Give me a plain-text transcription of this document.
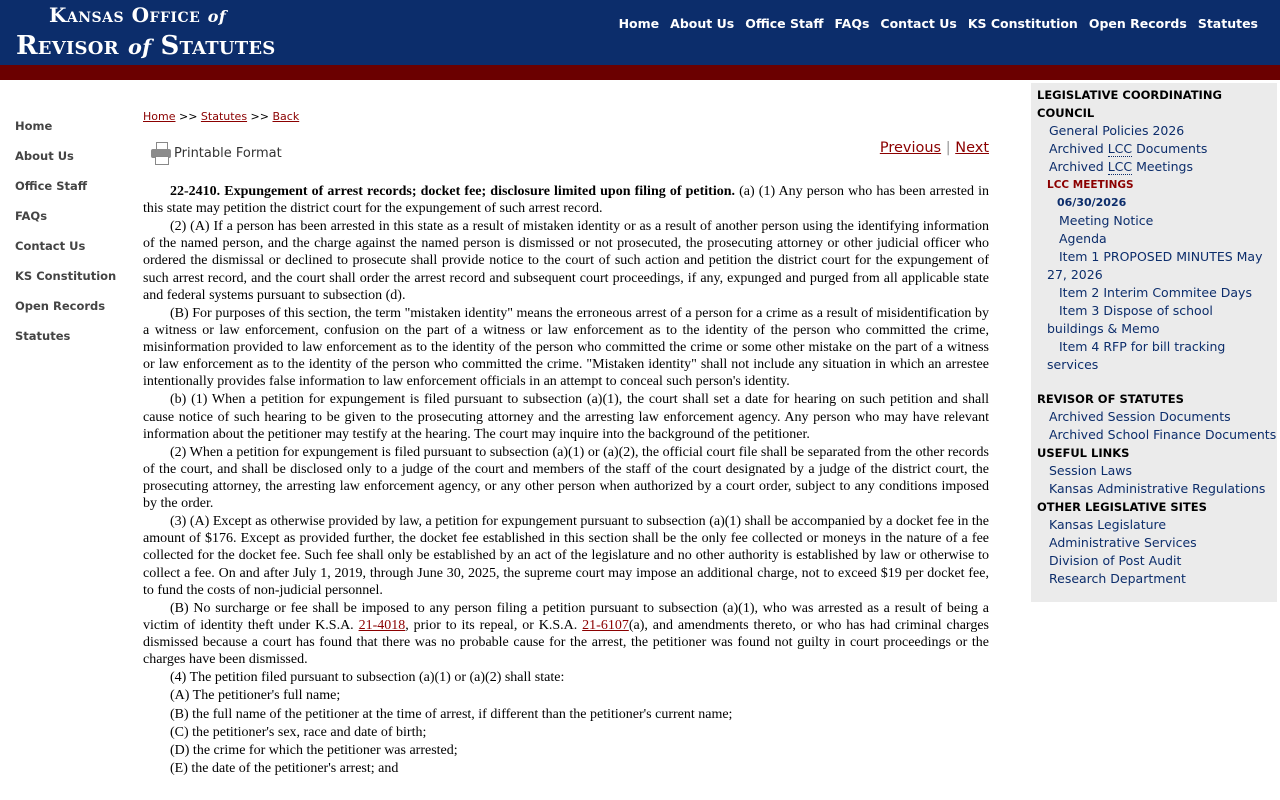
Kansas Office of
Revisor of Statutes
Home About Us Office Staff FAQs Contact Us KS Constitution Open Records Statutes
Home
About Us
Office Staff
FAQs
Contact Us
KS Constitution
Open Records
Statutes
Home >> Statutes >> Back
Printable Format	Previous | Next

22-2410. Expungement of arrest records; docket fee; disclosure limited upon filing of petition. (a) (1) Any person who has been arrested in this state may petition the district court for the expungement of such arrest record.

(2) (A) If a person has been arrested in this state as a result of mistaken identity or as a result of another person using the identifying information of the named person, and the charge against the named person is dismissed or not prosecuted, the prosecuting attorney or other judicial officer who ordered the dismissal or declined to prosecute shall provide notice to the court of such action and petition the district court for the expungement of such arrest record, and the court shall order the arrest record and subsequent court proceedings, if any, expunged and purged from all applicable state and federal systems pursuant to subsection (d).

(B) For purposes of this section, the term "mistaken identity" means the erroneous arrest of a person for a crime as a result of misidentification by a witness or law enforcement, confusion on the part of a witness or law enforcement as to the identity of the person who committed the crime, misinformation provided to law enforcement as to the identity of the person who committed the crime or some other mistake on the part of a witness or law enforcement as to the identity of the person who committed the crime. "Mistaken identity" shall not include any situation in which an arrestee intentionally provides false information to law enforcement officials in an attempt to conceal such person's identity.

(b) (1) When a petition for expungement is filed pursuant to subsection (a)(1), the court shall set a date for hearing on such petition and shall cause notice of such hearing to be given to the prosecuting attorney and the arresting law enforcement agency. Any person who may have relevant information about the petitioner may testify at the hearing. The court may inquire into the background of the petitioner.

(2) When a petition for expungement is filed pursuant to subsection (a)(1) or (a)(2), the official court file shall be separated from the other records of the court, and shall be disclosed only to a judge of the court and members of the staff of the court designated by a judge of the district court, the prosecuting attorney, the arresting law enforcement agency, or any other person when authorized by a court order, subject to any conditions imposed by the order.

(3) (A) Except as otherwise provided by law, a petition for expungement pursuant to subsection (a)(1) shall be accompanied by a docket fee in the amount of $176. Except as provided further, the docket fee established in this section shall be the only fee collected or moneys in the nature of a fee collected for the docket fee. Such fee shall only be established by an act of the legislature and no other authority is established by law or otherwise to collect a fee. On and after July 1, 2019, through June 30, 2025, the supreme court may impose an additional charge, not to exceed $19 per docket fee, to fund the costs of non-judicial personnel.

(B) No surcharge or fee shall be imposed to any person filing a petition pursuant to subsection (a)(1), who was arrested as a result of being a victim of identity theft under K.S.A. 21-4018, prior to its repeal, or K.S.A. 21-6107(a), and amendments thereto, or who has had criminal charges dismissed because a court has found that there was no probable cause for the arrest, the petitioner was found not guilty in court proceedings or the charges have been dismissed.

(4) The petition filed pursuant to subsection (a)(1) or (a)(2) shall state:

(A) The petitioner's full name;

(B) the full name of the petitioner at the time of arrest, if different than the petitioner's current name;

(C) the petitioner's sex, race and date of birth;

(D) the crime for which the petitioner was arrested;

(E) the date of the petitioner's arrest; and

LEGISLATIVE COORDINATING COUNCIL
General Policies 2026
Archived LCC Documents
Archived LCC Meetings
LCC MEETINGS
06/30/2026
Meeting Notice
Agenda
Item 1 PROPOSED MINUTES May 27, 2026
Item 2 Interim Commitee Days
Item 3 Dispose of school buildings & Memo
Item 4 RFP for bill tracking services
REVISOR OF STATUTES
Archived Session Documents
Archived School Finance Documents
USEFUL LINKS
Session Laws
Kansas Administrative Regulations
OTHER LEGISLATIVE SITES
Kansas Legislature
Administrative Services
Division of Post Audit
Research Department
